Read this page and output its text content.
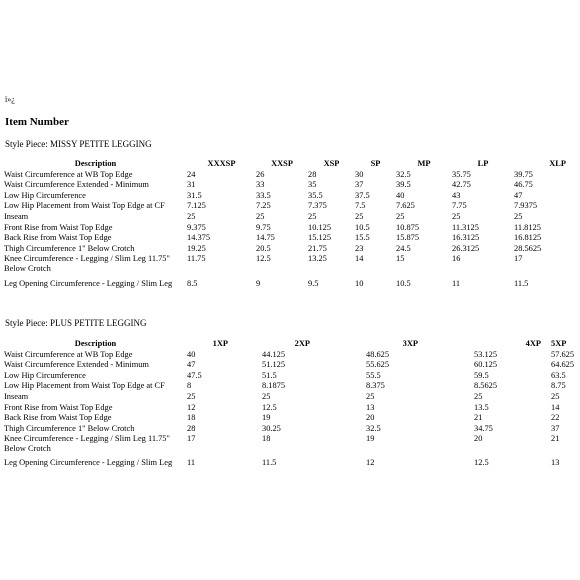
ï»¿
Item Number
Style Piece: MISSY PETITE LEGGING
Description	XXXSP	XXSP	XSP	SP	MP	LP	XLP
Waist Circumference at WB Top Edge	24	26	28	30	32.5	35.75	39.75
Waist Circumference Extended - Minimum	31	33	35	37	39.5	42.75	46.75
Low Hip Circumference	31.5	33.5	35.5	37.5	40	43	47
Low Hip Placement from Waist Top Edge at CF	7.125	7.25	7.375	7.5	7.625	7.75	7.9375
Inseam	25	25	25	25	25	25	25
Front Rise from Waist Top Edge	9.375	9.75	10.125	10.5	10.875	11.3125	11.8125
Back Rise from Waist Top Edge	14.375	14.75	15.125	15.5	15.875	16.3125	16.8125
Thigh Circumference 1" Below Crotch	19.25	20.5	21.75	23	24.5	26.3125	28.5625
Knee Circumference - Legging / Slim Leg 11.75" Below Crotch	11.75	12.5	13.25	14	15	16	17
Leg Opening Circumference - Legging / Slim Leg	8.5	9	9.5	10	10.5	11	11.5
Style Piece: PLUS PETITE LEGGING
Description	1XP	2XP	3XP	4XP	5XP
Waist Circumference at WB Top Edge	40	44.125	48.625	53.125	57.625
Waist Circumference Extended - Minimum	47	51.125	55.625	60.125	64.625
Low Hip Circumference	47.5	51.5	55.5	59.5	63.5
Low Hip Placement from Waist Top Edge at CF	8	8.1875	8.375	8.5625	8.75
Inseam	25	25	25	25	25
Front Rise from Waist Top Edge	12	12.5	13	13.5	14
Back Rise from Waist Top Edge	18	19	20	21	22
Thigh Circumference 1" Below Crotch	28	30.25	32.5	34.75	37
Knee Circumference - Legging / Slim Leg 11.75" Below Crotch	17	18	19	20	21
Leg Opening Circumference - Legging / Slim Leg	11	11.5	12	12.5	13
